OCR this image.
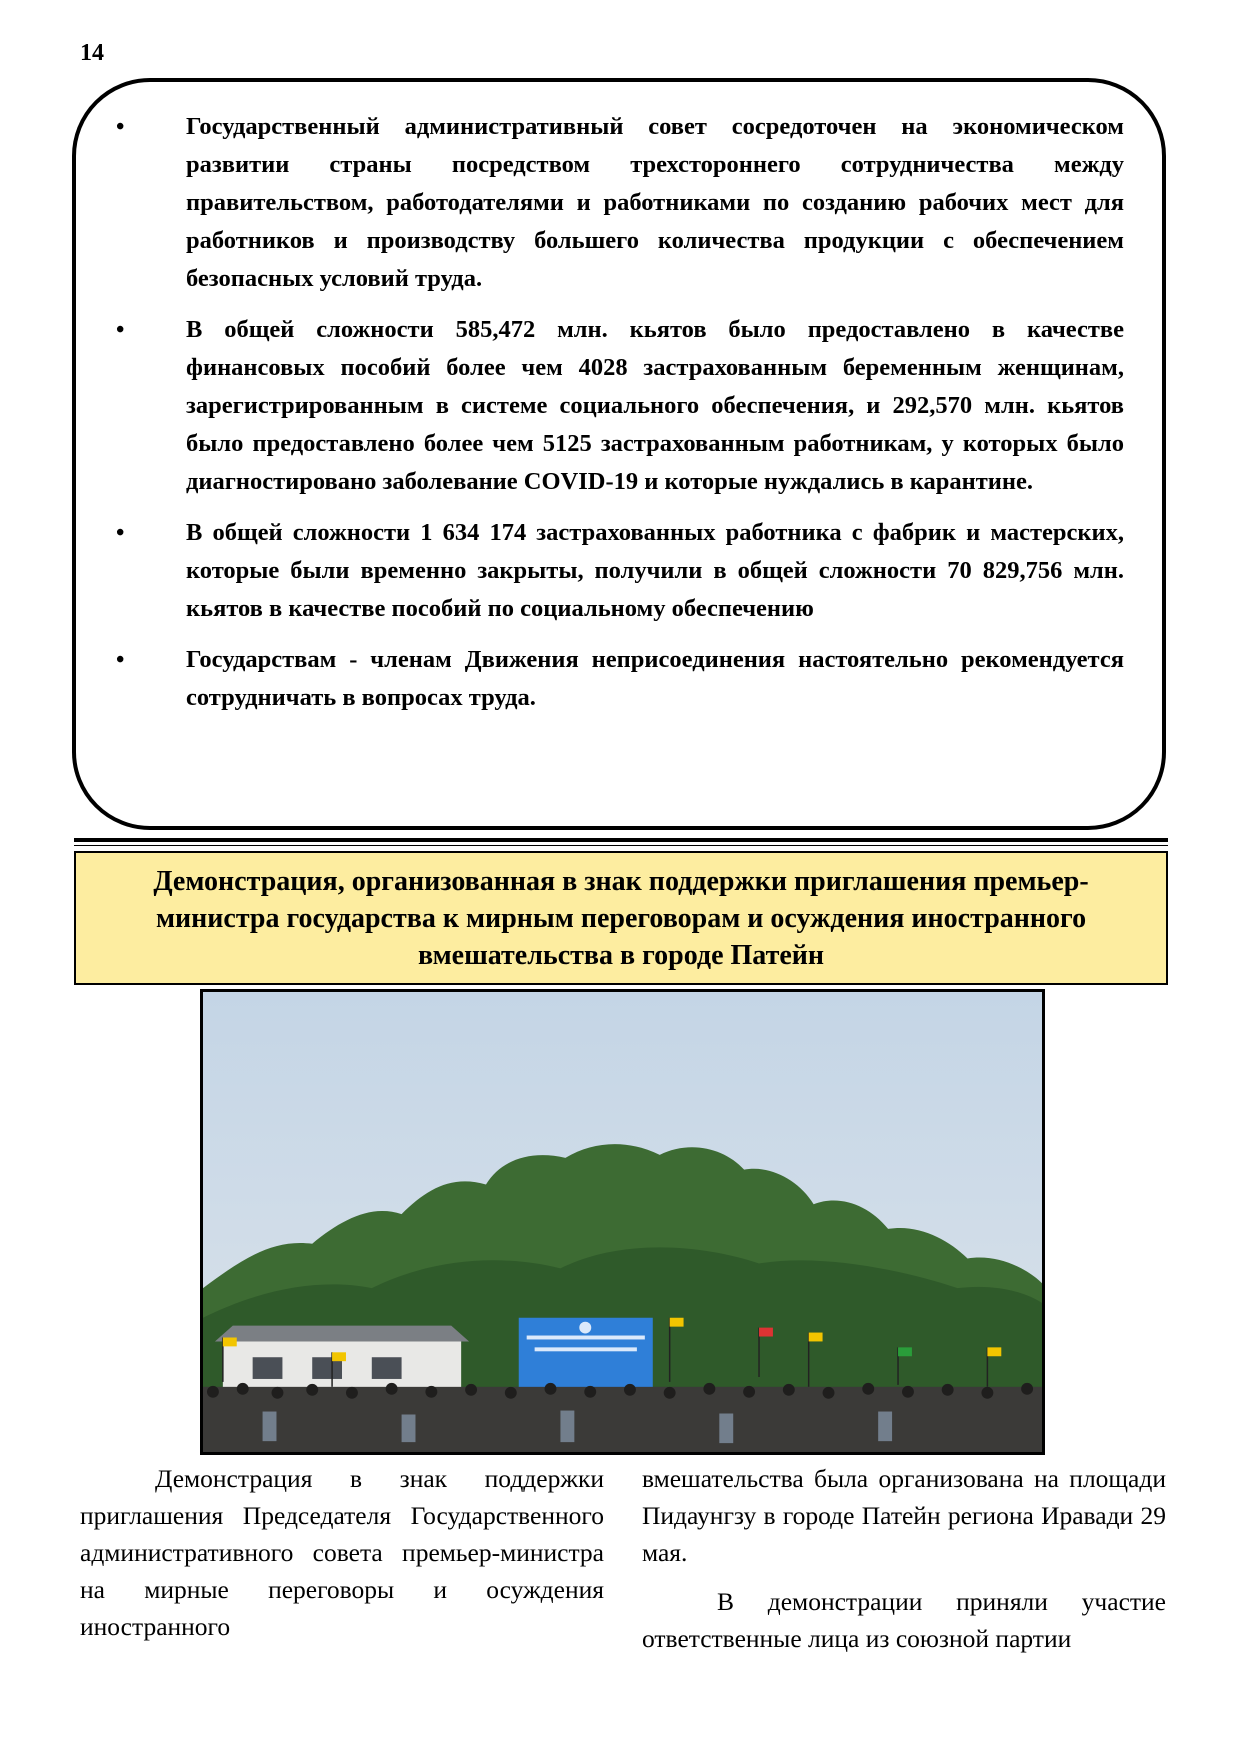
14
•	Государственный административный совет сосредоточен на экономическом развитии страны посредством трехстороннего сотрудничества между правительством, работодателями и работниками по созданию рабочих мест для работников и производству большего количества продукции с обеспечением безопасных условий труда.
•	В общей сложности 585,472 млн. кьятов было предоставлено в качестве финансовых пособий более чем 4028 застрахованным беременным женщинам, зарегистрированным в системе социального обеспечения, и 292,570 млн. кьятов было предоставлено более чем 5125 застрахованным работникам, у которых было диагностировано заболевание COVID-19 и которые нуждались в карантине.
•	В общей сложности 1 634 174 застрахованных работника с фабрик и мастерских, которые были временно закрыты, получили в общей сложности 70 829,756 млн. кьятов в качестве пособий по социальному обеспечению
•	Государствам - членам Движения неприсоединения настоятельно рекомендуется сотрудничать в вопросах труда.
Демонстрация, организованная в знак поддержки приглашения премьер-министра государства к мирным переговорам и осуждения иностранного вмешательства в городе Патейн

Демонстрация в знак поддержки приглашения Председателя Государственного административного совета премьер-министра на мирные переговоры и осуждения иностранного

вмешательства была организована на площади Пидаунгзу в городе Патейн региона Иравади 29 мая.

В демонстрации приняли участие ответственные лица из союзной партии
